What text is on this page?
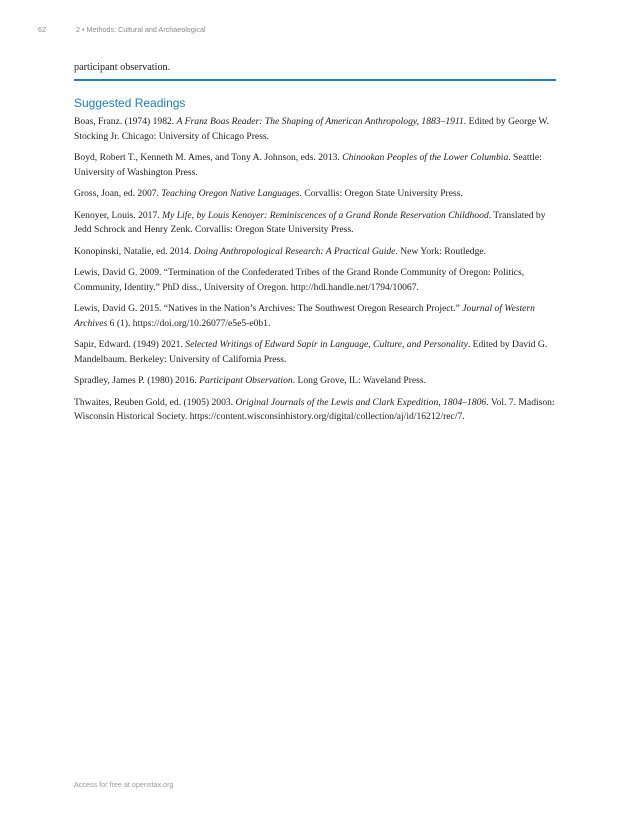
62	2 • Methods: Cultural and Archaeological

participant observation.

Suggested Readings

Boas, Franz. (1974) 1982. A Franz Boas Reader: The Shaping of American Anthropology, 1883–1911. Edited by George W. Stocking Jr. Chicago: University of Chicago Press.

Boyd, Robert T., Kenneth M. Ames, and Tony A. Johnson, eds. 2013. Chinookan Peoples of the Lower Columbia. Seattle: University of Washington Press.

Gross, Joan, ed. 2007. Teaching Oregon Native Languages. Corvallis: Oregon State University Press.

Kenoyer, Louis. 2017. My Life, by Louis Kenoyer: Reminiscences of a Grand Ronde Reservation Childhood. Translated by Jedd Schrock and Henry Zenk. Corvallis: Oregon State University Press.

Konopinski, Natalie, ed. 2014. Doing Anthropological Research: A Practical Guide. New York: Routledge.

Lewis, David G. 2009. “Termination of the Confederated Tribes of the Grand Ronde Community of Oregon: Politics, Community, Identity.” PhD diss., University of Oregon. http://hdl.handle.net/1794/10067.

Lewis, David G. 2015. “Natives in the Nation’s Archives: The Southwest Oregon Research Project.” Journal of Western Archives 6 (1). https://doi.org/10.26077/e5e5-e0b1.

Sapir, Edward. (1949) 2021. Selected Writings of Edward Sapir in Language, Culture, and Personality. Edited by David G. Mandelbaum. Berkeley: University of California Press.

Spradley, James P. (1980) 2016. Participant Observation. Long Grove, IL: Waveland Press.

Thwaites, Reuben Gold, ed. (1905) 2003. Original Journals of the Lewis and Clark Expedition, 1804–1806. Vol. 7. Madison: Wisconsin Historical Society. https://content.wisconsinhistory.org/digital/collection/aj/id/16212/rec/7.

Access for free at openstax.org
